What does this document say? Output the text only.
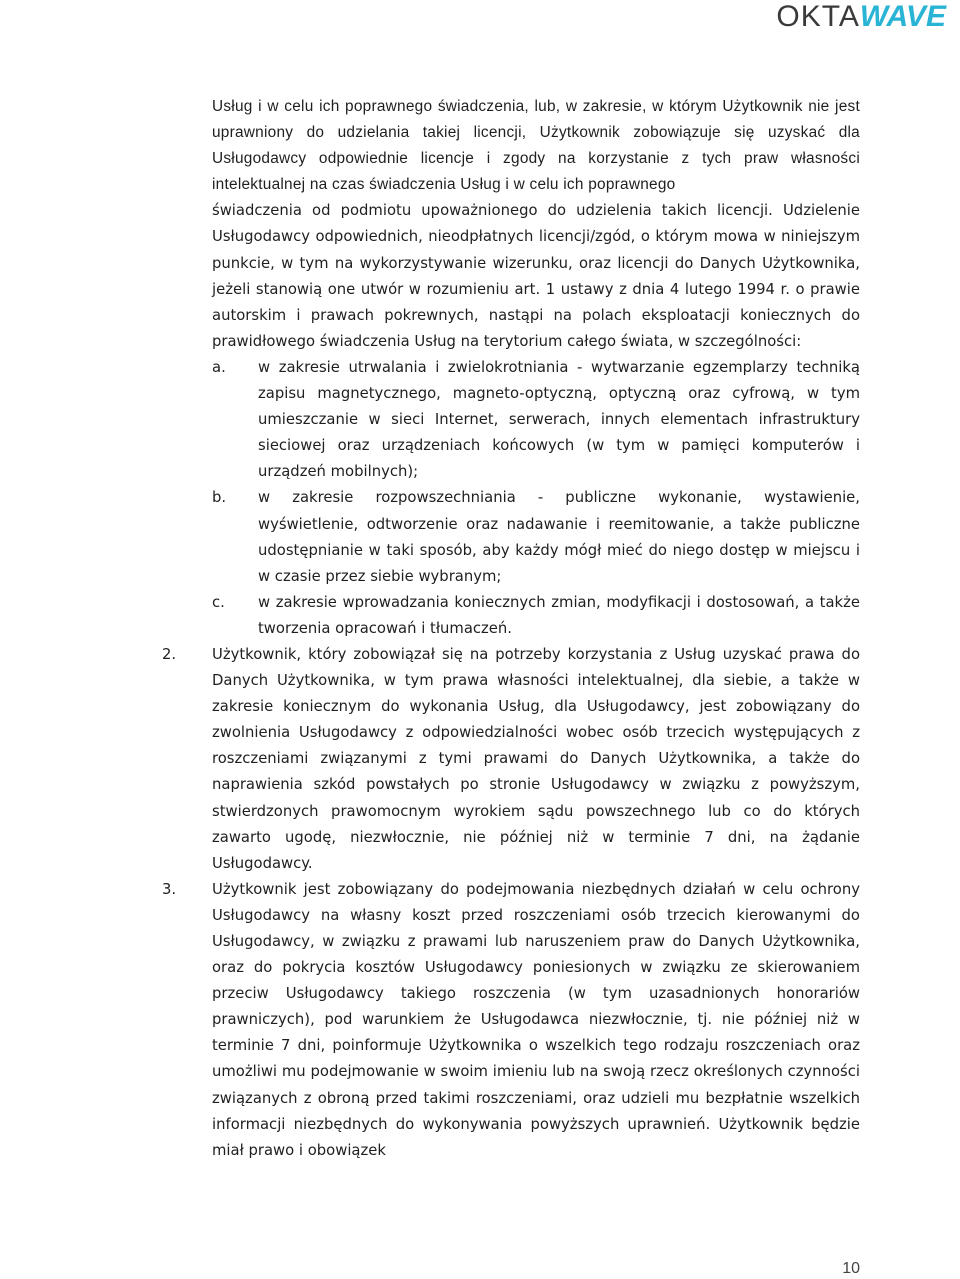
OKTAWAVE

Usług i w celu ich poprawnego świadczenia, lub, w zakresie, w którym Użytkownik nie jest uprawniony do udzielania takiej licencji, Użytkownik zobowiązuje się uzyskać dla Usługodawcy odpowiednie licencje i zgody na korzystanie z tych praw własności intelektualnej na czas świadczenia Usług i w celu ich poprawnego

świadczenia od podmiotu upoważnionego do udzielenia takich licencji. Udzielenie Usługodawcy odpowiednich, nieodpłatnych licencji/zgód, o którym mowa w niniejszym punkcie, w tym na wykorzystywanie wizerunku, oraz licencji do Danych Użytkownika, jeżeli stanowią one utwór w rozumieniu art. 1 ustawy z dnia 4 lutego 1994 r. o prawie autorskim i prawach pokrewnych, nastąpi na polach eksploatacji koniecznych do prawidłowego świadczenia Usług na terytorium całego świata, w szczególności:

a. w zakresie utrwalania i zwielokrotniania - wytwarzanie egzemplarzy techniką zapisu magnetycznego, magneto-optyczną, optyczną oraz cyfrową, w tym umieszczanie w sieci Internet, serwerach, innych elementach infrastruktury sieciowej oraz urządzeniach końcowych (w tym w pamięci komputerów i urządzeń mobilnych);
b. w zakresie rozpowszechniania - publiczne wykonanie, wystawienie, wyświetlenie, odtworzenie oraz nadawanie i reemitowanie, a także publiczne udostępnianie w taki sposób, aby każdy mógł mieć do niego dostęp w miejscu i w czasie przez siebie wybranym;
c. w zakresie wprowadzania koniecznych zmian, modyfikacji i dostosowań, a także tworzenia opracowań i tłumaczeń.
2. Użytkownik, który zobowiązał się na potrzeby korzystania z Usług uzyskać prawa do Danych Użytkownika, w tym prawa własności intelektualnej, dla siebie, a także w zakresie koniecznym do wykonania Usług, dla Usługodawcy, jest zobowiązany do zwolnienia Usługodawcy z odpowiedzialności wobec osób trzecich występujących z roszczeniami związanymi z tymi prawami do Danych Użytkownika, a także do naprawienia szkód powstałych po stronie Usługodawcy w związku z powyższym, stwierdzonych prawomocnym wyrokiem sądu powszechnego lub co do których zawarto ugodę, niezwłocznie, nie później niż w terminie 7 dni, na żądanie Usługodawcy.
3. Użytkownik jest zobowiązany do podejmowania niezbędnych działań w celu ochrony Usługodawcy na własny koszt przed roszczeniami osób trzecich kierowanymi do Usługodawcy, w związku z prawami lub naruszeniem praw do Danych Użytkownika, oraz do pokrycia kosztów Usługodawcy poniesionych w związku ze skierowaniem przeciw Usługodawcy takiego roszczenia (w tym uzasadnionych honorariów prawniczych), pod warunkiem że Usługodawca niezwłocznie, tj. nie później niż w terminie 7 dni, poinformuje Użytkownika o wszelkich tego rodzaju roszczeniach oraz umożliwi mu podejmowanie w swoim imieniu lub na swoją rzecz określonych czynności związanych z obroną przed takimi roszczeniami, oraz udzieli mu bezpłatnie wszelkich informacji niezbędnych do wykonywania powyższych uprawnień. Użytkownik będzie miał prawo i obowiązek
10
